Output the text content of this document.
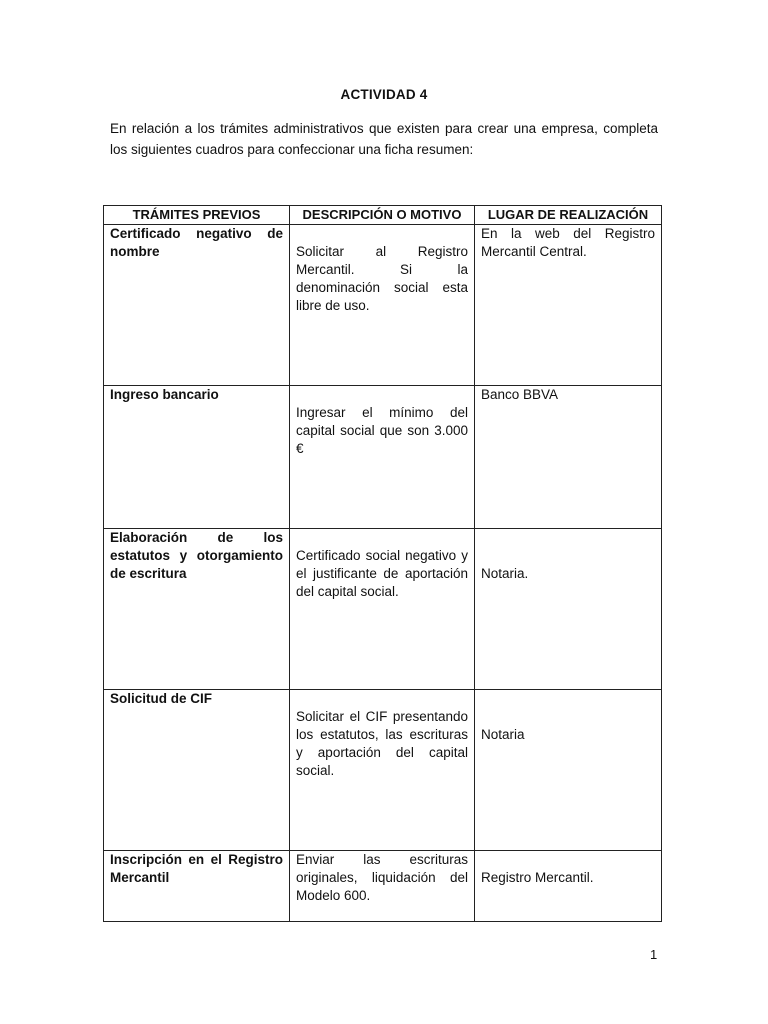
ACTIVIDAD 4

En relación a los trámites administrativos que existen para crear una empresa, completa los siguientes cuadros para confeccionar una ficha resumen:

TRÁMITES PREVIOS	DESCRIPCIÓN O MOTIVO	LUGAR DE REALIZACIÓN
Certificado negativo de nombre	Solicitar al Registro Mercantil. Si la denominación social esta libre de uso.	En la web del Registro Mercantil Central.
Ingreso bancario	Ingresar el mínimo del capital social que son 3.000 €	Banco BBVA
Elaboración de los estatutos y otorgamiento de escritura	Certificado social negativo y el justificante de aportación del capital social.	Notaria.

Solicitud de CIF	Solicitar el CIF presentando los estatutos, las escrituras y aportación del capital social.	Notaria

Inscripción en el Registro Mercantil	Enviar las escrituras originales, liquidación del Modelo 600.	Registro Mercantil.
1
